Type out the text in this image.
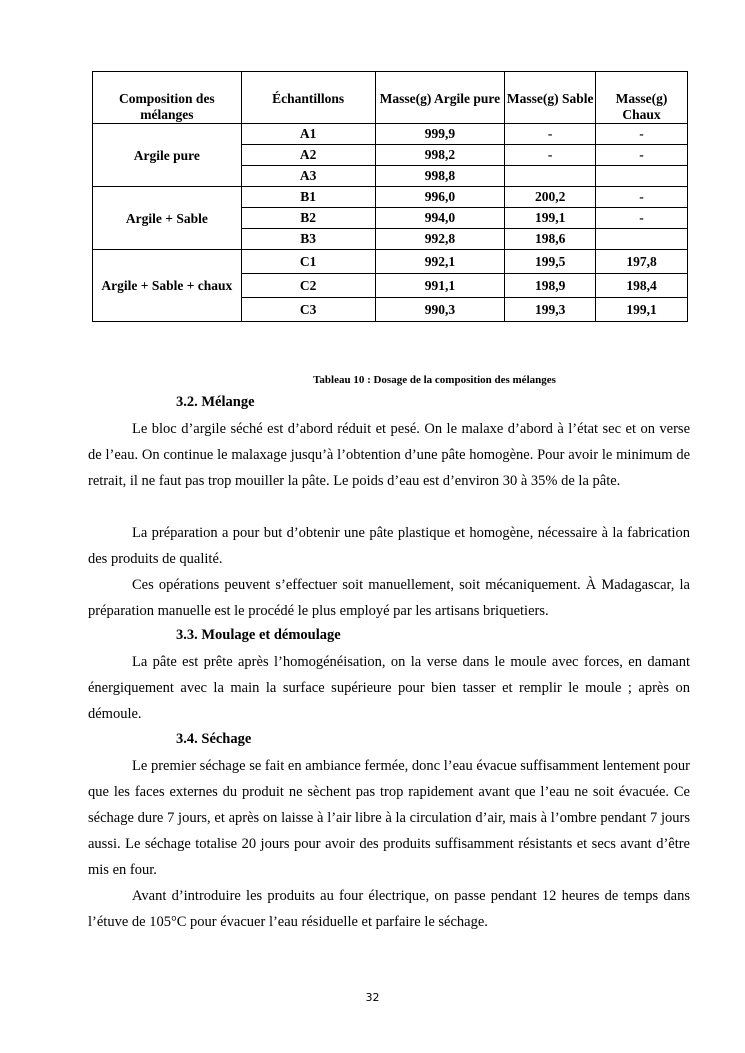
Composition des mélanges	Échantillons	Masse(g) Argile pure	Masse(g) Sable	Masse(g) Chaux
Argile pure	A1	999,9	-	-
	A2	998,2	-	-
	A3	998,8		
Argile + Sable	B1	996,0	200,2	-
	B2	994,0	199,1	-
	B3	992,8	198,6	
Argile + Sable + chaux	C1	992,1	199,5	197,8
	C2	991,1	198,9	198,4
	C3	990,3	199,3	199,1
Tableau 10 : Dosage de la composition des mélanges
3.2. Mélange
Le bloc d’argile séché est d’abord réduit et pesé. On le malaxe d’abord à l’état sec et on verse de l’eau. On continue le malaxage jusqu’à l’obtention d’une pâte homogène. Pour avoir le minimum de retrait, il ne faut pas trop mouiller la pâte. Le poids d’eau est d’environ 30 à 35% de la pâte.
La préparation a pour but d’obtenir une pâte plastique et homogène, nécessaire à la fabrication des produits de qualité.
Ces opérations peuvent s’effectuer soit manuellement, soit mécaniquement. À Madagascar, la préparation manuelle est le procédé le plus employé par les artisans briquetiers.
3.3. Moulage et démoulage
La pâte est prête après l’homogénéisation, on la verse dans le moule avec forces, en damant énergiquement avec la main la surface supérieure pour bien tasser et remplir le moule ; après on démoule.
3.4. Séchage
Le premier séchage se fait en ambiance fermée, donc l’eau évacue suffisamment lentement pour que les faces externes du produit ne sèchent pas trop rapidement avant que l’eau ne soit évacuée. Ce séchage dure 7 jours, et après on laisse à l’air libre à la circulation d’air, mais à l’ombre pendant 7 jours aussi. Le séchage totalise 20 jours pour avoir des produits suffisamment résistants et secs avant d’être mis en four.
Avant d’introduire les produits au four électrique, on passe pendant 12 heures de temps dans l’étuve de 105°C pour évacuer l’eau résiduelle et parfaire le séchage.
32
